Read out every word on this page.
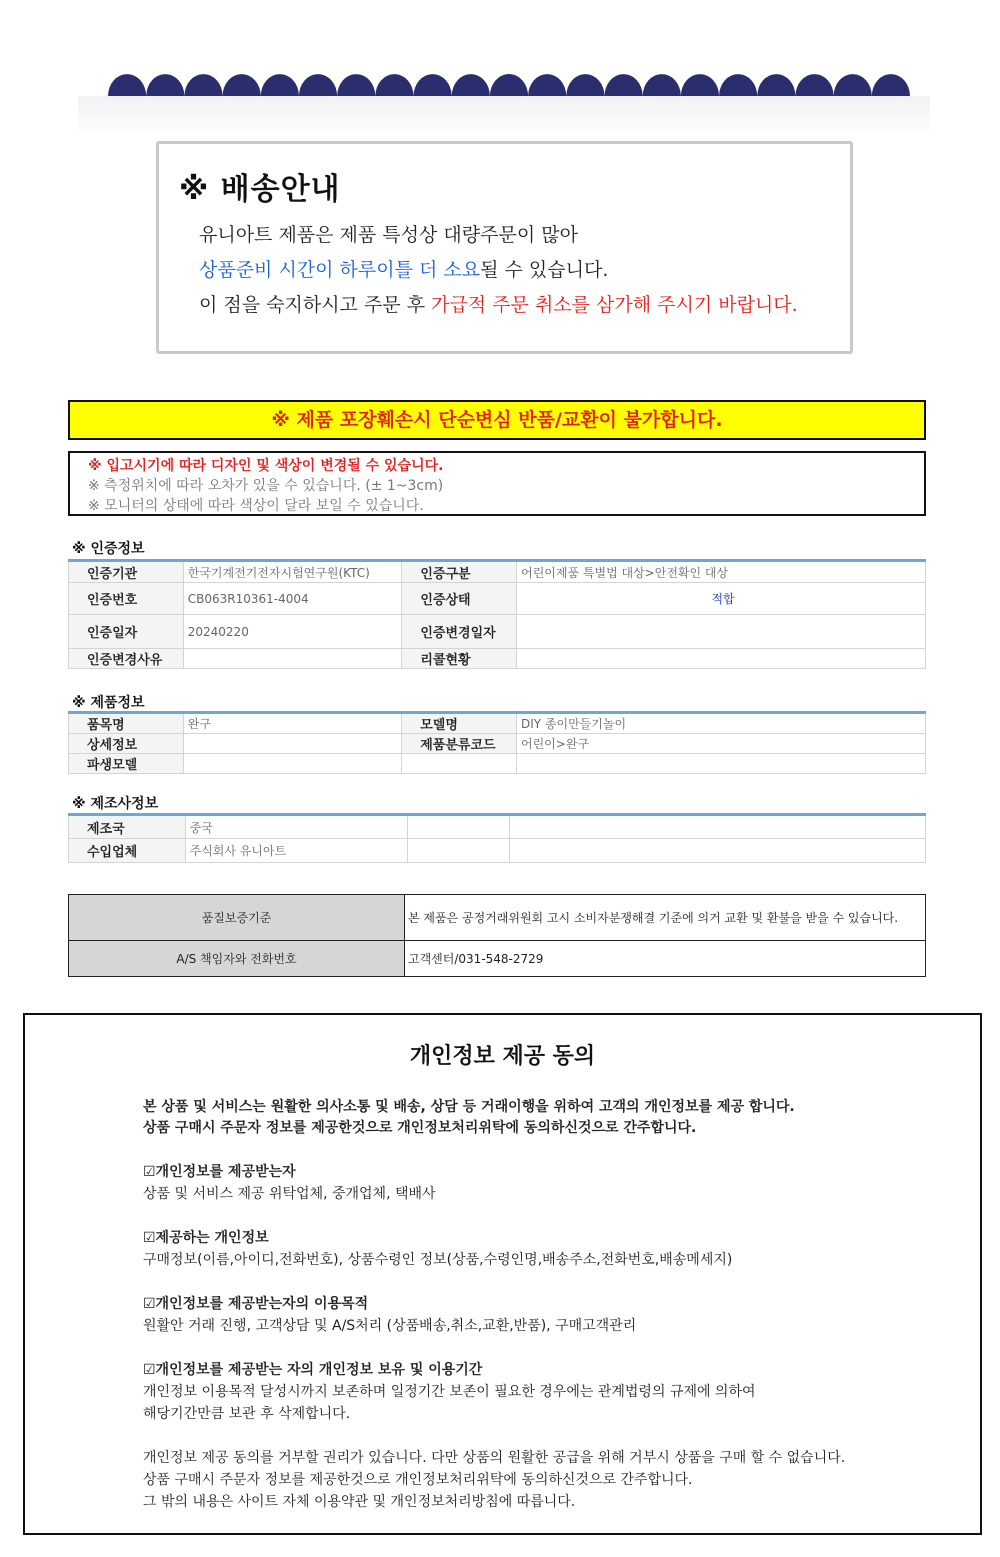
※ 배송안내
유니아트 제품은 제품 특성상 대량주문이 많아
상품준비 시간이 하루이틀 더 소요될 수 있습니다.
이 점을 숙지하시고 주문 후 가급적 주문 취소를 삼가해 주시기 바랍니다.
※ 제품 포장훼손시 단순변심 반품/교환이 불가합니다.
※ 입고시기에 따라 디자인 및 색상이 변경될 수 있습니다.
※ 측정위치에 따라 오차가 있을 수 있습니다. (± 1~3cm)
※ 모니터의 상태에 따라 색상이 달라 보일 수 있습니다.
※ 인증정보
인증기관	한국기계전기전자시험연구원(KTC)	인증구분	어린이제품 특별법 대상>안전확인 대상
인증번호	CB063R10361-4004	인증상태	적합
인증일자	20240220	인증변경일자	
인증변경사유		리콜현황	
※ 제품정보
품목명	완구	모델명	DIY 종이만들기놀이
상세정보		제품분류코드	어린이>완구
파생모델			
※ 제조사정보
제조국	중국		
수입업체	주식회사 유니아트		
품질보증기준	본 제품은 공정거래위원회 고시 소비자분쟁해결 기준에 의거 교환 및 환불을 받을 수 있습니다.
A/S 책임자와 전화번호	고객센터/031-548-2729
개인정보 제공 동의
본 상품 및 서비스는 원활한 의사소통 및 배송, 상담 등 거래이행을 위하여 고객의 개인정보를 제공 합니다.
상품 구매시 주문자 정보를 제공한것으로 개인정보처리위탁에 동의하신것으로 간주합니다.
☑개인정보를 제공받는자
상품 및 서비스 제공 위탁업체, 중개업체, 택배사
☑제공하는 개인정보
구매정보(이름,아이디,전화번호), 상품수령인 정보(상품,수령인명,배송주소,전화번호,배송메세지)
☑개인정보를 제공받는자의 이용목적
원활안 거래 진행, 고객상담 및 A/S처리 (상품배송,취소,교환,반품), 구매고객관리
☑개인정보를 제공받는 자의 개인정보 보유 및 이용기간
개인정보 이용목적 달성시까지 보존하며 일정기간 보존이 필요한 경우에는 관계법령의 규제에 의하여
해당기간만큼 보관 후 삭제합니다.
개인정보 제공 동의를 거부할 권리가 있습니다. 다만 상품의 원활한 공급을 위해 거부시 상품을 구매 할 수 없습니다.
상품 구매시 주문자 정보를 제공한것으로 개인정보처리위탁에 동의하신것으로 간주합니다.
그 밖의 내용은 사이트 자체 이용약관 및 개인정보처리방침에 따릅니다.
